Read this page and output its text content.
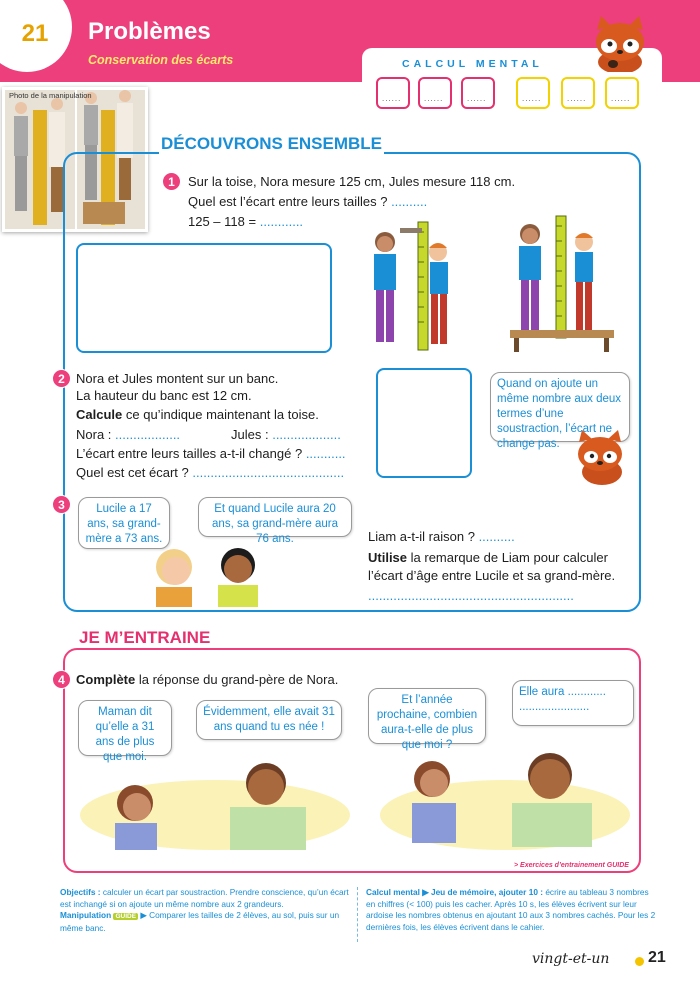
21	Problèmes
Conservation des écarts	CALCUL MENTAL
......	......	......	......	......	......
Photo de la manipulation
DÉCOUVRONS ENSEMBLE
1	Sur la toise, Nora mesure 125 cm, Jules mesure 118 cm.
Quel est l’écart entre leurs tailles ? ..........
125 – 118 = ............
2 Nora et Jules montent sur un banc.
La hauteur du banc est 12 cm.
Calcule ce qu’indique maintenant la toise.
Nora : ..................	Jules : ...................
L’écart entre leurs tailles a-t-il changé ? ...........
Quel est cet écart ? ..........................................
Quand on ajoute un même nombre aux deux termes d’une soustraction, l’écart ne change pas.
3	Lucile a 17 ans, sa grand-mère a 73 ans.
Et quand Lucile aura 20 ans, sa grand-mère aura 76 ans.	Liam a-t-il raison ? ..........
Utilise la remarque de Liam pour calculer
l’écart d’âge entre Lucile et sa grand-mère.
.........................................................
JE M’ENTRAINE
4 Complète la réponse du grand-père de Nora.
Maman dit qu’elle a 31 ans de plus que moi.
Évidemment, elle avait 31 ans quand tu es née !
Et l’année prochaine, combien aura-t-elle de plus que moi ?
Elle aura ............
......................
> Exercices d’entrainement GUIDE
Objectifs : calculer un écart par soustraction. Prendre conscience, qu’un écart est inchangé si on ajoute un même nombre aux 2 grandeurs.
Manipulation GUIDE ▶ Comparer les tailles de 2 élèves, au sol, puis sur un même banc.
Calcul mental ▶ Jeu de mémoire, ajouter 10 : écrire au tableau 3 nombres en chiffres (< 100) puis les cacher. Après 10 s, les élèves écrivent sur leur ardoise les nombres obtenus en ajoutant 10 aux 3 nombres cachés. Pour les 2 dernières fois, les élèves écrivent dans le cahier.
vingt-et-un 21
